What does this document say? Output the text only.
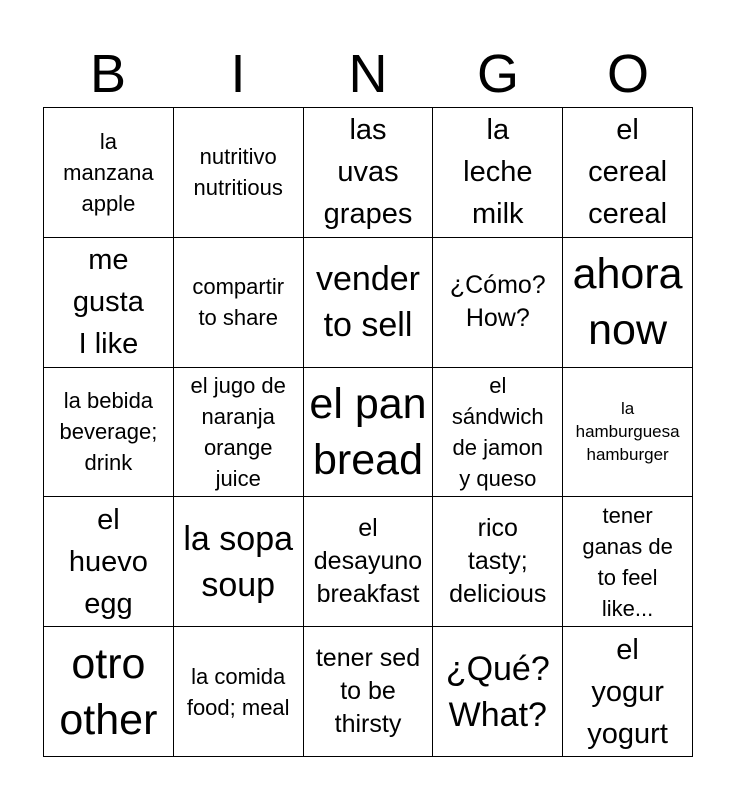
B	I	N	G	O
la
manzana
apple
nutritivo
nutritious
las
uvas
grapes
la
leche
milk
el
cereal
cereal
me
gusta
I like
compartir
to share
vender
to sell
¿Cómo?
How?
ahora
now
la bebida
beverage;
drink
el jugo de
naranja
orange
juice
el pan
bread
el
sándwich
de jamon
y queso
la
hamburguesa
hamburger
el
huevo
egg
la sopa
soup
el
desayuno
breakfast
rico
tasty;
delicious
tener
ganas de
to feel
like...
otro
other
la comida
food; meal
tener sed
to be
thirsty
¿Qué?
What?
el
yogur
yogurt
